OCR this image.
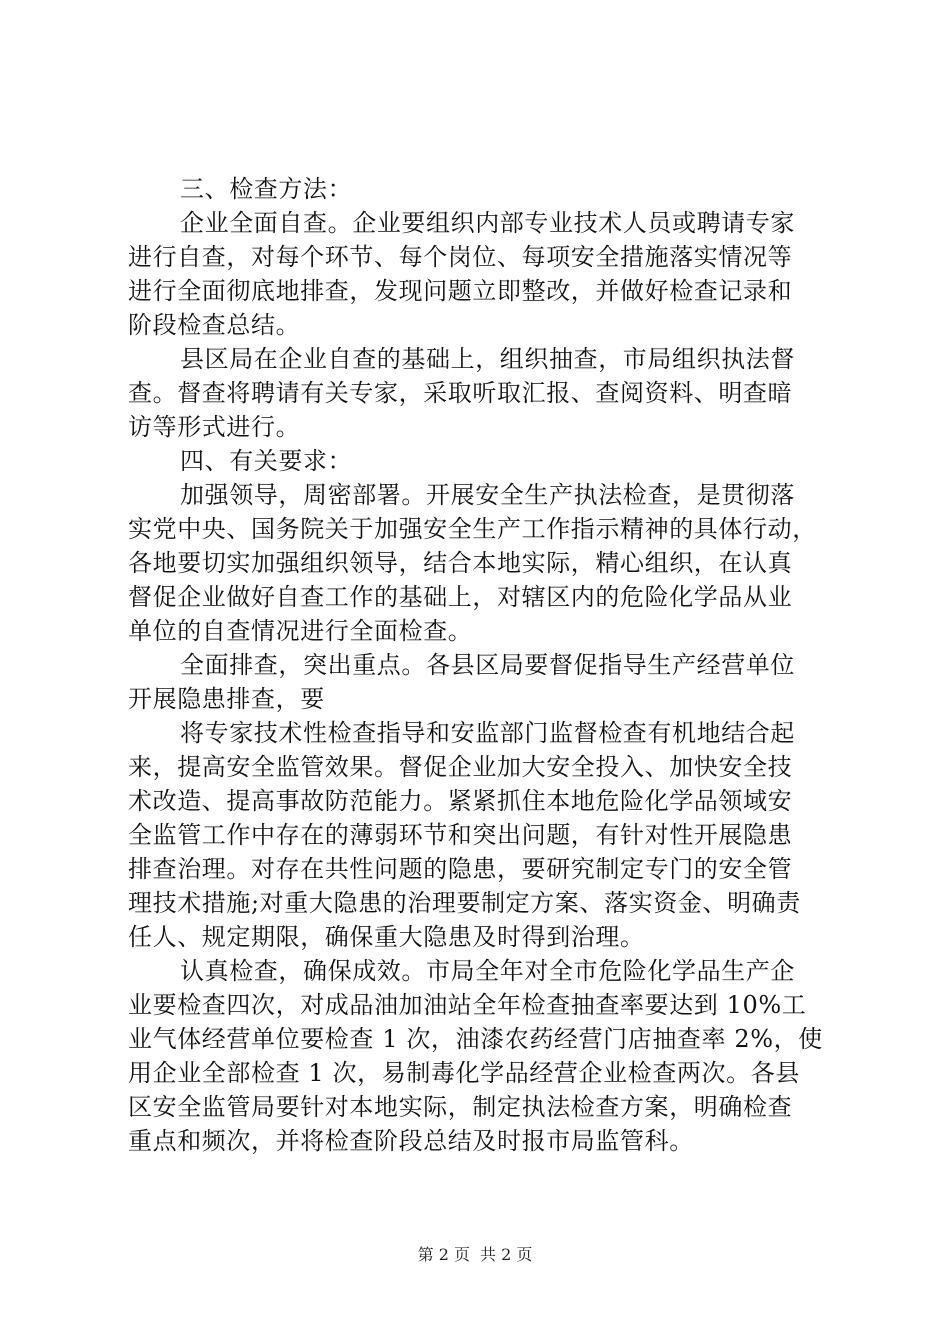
三、检查方法：
企业全面自查。企业要组织内部专业技术人员或聘请专家
进行自查，对每个环节、每个岗位、每项安全措施落实情况等
进行全面彻底地排查，发现问题立即整改，并做好检查记录和
阶段检查总结。
县区局在企业自查的基础上，组织抽查，市局组织执法督
查。督查将聘请有关专家，采取听取汇报、查阅资料、明查暗
访等形式进行。
四、有关要求：
加强领导，周密部署。开展安全生产执法检查，是贯彻落
实党中央、国务院关于加强安全生产工作指示精神的具体行动，
各地要切实加强组织领导，结合本地实际，精心组织，在认真
督促企业做好自查工作的基础上，对辖区内的危险化学品从业
单位的自查情况进行全面检查。
全面排查，突出重点。各县区局要督促指导生产经营单位
开展隐患排查，要
将专家技术性检查指导和安监部门监督检查有机地结合起
来，提高安全监管效果。督促企业加大安全投入、加快安全技
术改造、提高事故防范能力。紧紧抓住本地危险化学品领域安
全监管工作中存在的薄弱环节和突出问题，有针对性开展隐患
排查治理。对存在共性问题的隐患，要研究制定专门的安全管
理技术措施;对重大隐患的治理要制定方案、落实资金、明确责
任人、规定期限，确保重大隐患及时得到治理。
认真检查，确保成效。市局全年对全市危险化学品生产企
业要检查四次，对成品油加油站全年检查抽查率要达到 10%工
业气体经营单位要检查 1 次，油漆农药经营门店抽查率 2%，使
用企业全部检查 1 次，易制毒化学品经营企业检查两次。各县
区安全监管局要针对本地实际，制定执法检查方案，明确检查
重点和频次，并将检查阶段总结及时报市局监管科。
第 2 页 共 2 页
